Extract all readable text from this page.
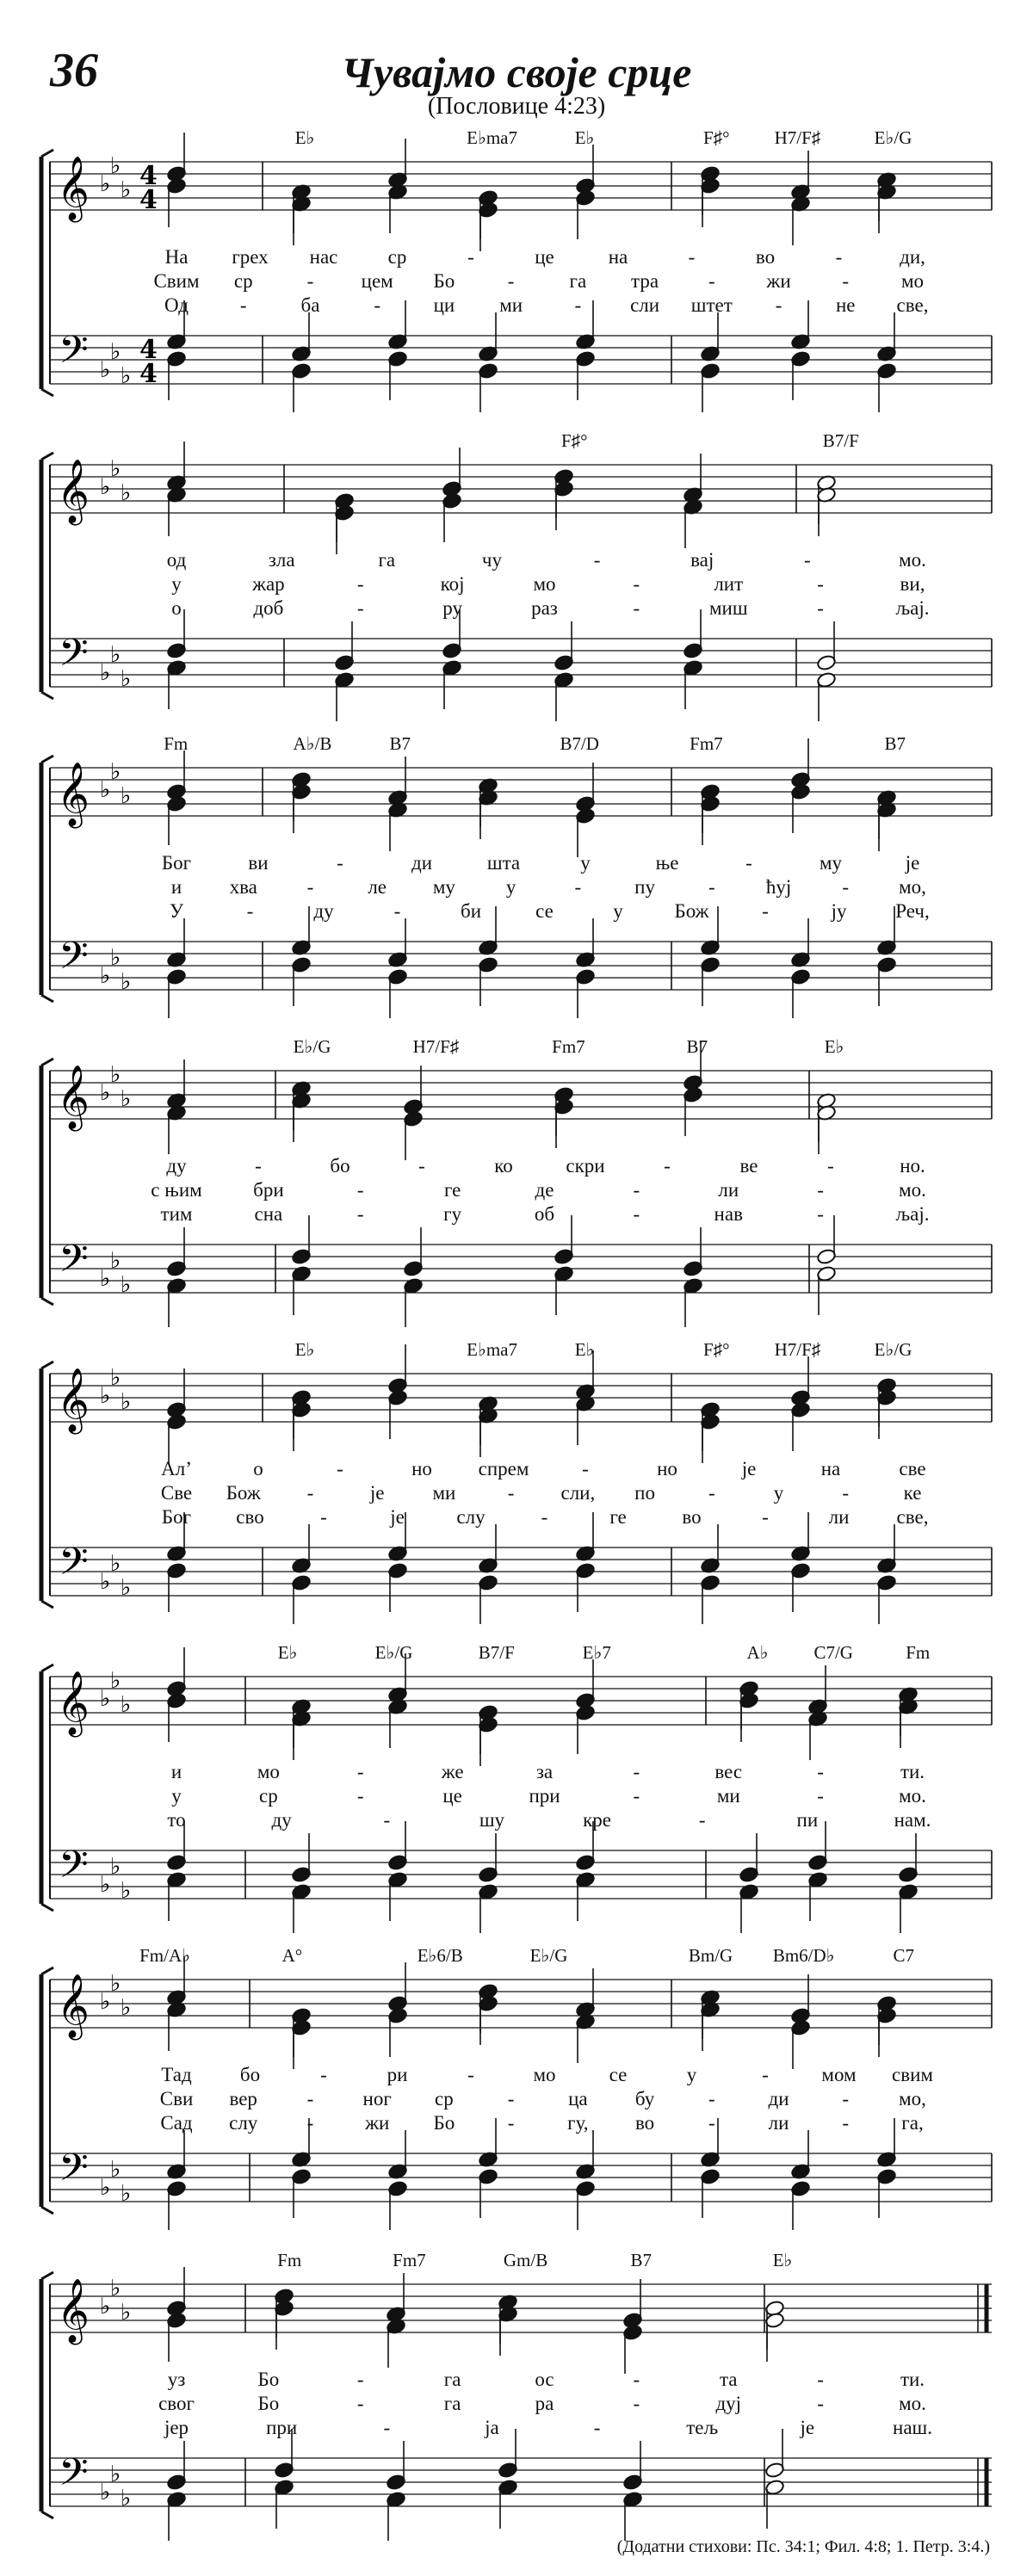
36	Чувајмо своје срце
(Пословице 4:23)
𝄞
𝄢
♭
♭
♭
♭
♭
♭
4
4
4
4
𝄞
𝄢
♭
♭
♭
♭
♭
♭
𝄞
𝄢
♭
♭
♭
♭
♭
♭
𝄞
𝄢
♭
♭
♭
♭
♭
♭
𝄞
𝄢
♭
♭
♭
♭
♭
♭
𝄞
𝄢
♭
♭
♭
♭
♭
♭
𝄞
𝄢
♭
♭
♭
♭
♭
♭
𝄞
𝄢
♭
♭
♭
♭
♭
♭
E♭	E♭ma7	E♭	F♯° H7/F♯	E♭/G
На грех нас	ср	-	це	на	-	во	-	ди,
Свим ср	- цем Бо	-	га тра	-	жи	-	мо
Од	-	ба	-	ци ми	- сли штет -	не све,
F♯°	B7/F
од	зла	га	чу	-	вај	-	мо.
у	жар	-	кој	мо	-	лит	-	ви,
о	доб	-	ру	раз	-	миш	-	љај.
Fm	A♭/B	B7	B7/D	Fm7	B7
Бог	ви	-	ди	шта	у	ње	-	му	је
и хва	-	ле му	у	-	пу	-	ћуј	-	мо,
У	-	ду	-	би	се	у	Бож	-	ју Реч,
E♭/G	H7/F♯	Fm7	B7	E♭
ду	-	бо	-	ко	скри	-	ве	-	но.
с њим	бри	-	ге	де	-	ли	-	мо.
тим	сна	-	гу	об	-	нав	-	љај.
E♭	E♭ma7	E♭	F♯° H7/F♯	E♭/G
Ал’	о	-	но спрем	-	но	је	на	све
Све Бож -	је ми	- сли, по	-	у	-	ке
Бог сво	-	је	слу	-	ге	во	-	ли све,
E♭	E♭/G	B7/F	E♭7	A♭	C7/G	Fm
и	мо	-	же	за	-	вес	-	ти.
у	ср	-	це	при	-	ми	-	мо.
то	ду	-	шу	кре	-	пи	нам.
Fm/A♭	A°	E♭6/B	E♭/G	Bm/G Bm6/D♭	C7
Тад бо	-	ри	-	мо	се	у	-	мом свим
Сви вер	- ног ср	-	ца бу	-	ди	-	мо,
Сад слу -	жи Бо	-	гу, во	-	ли	-	га,
Fm	Fm7	Gm/B	B7	E♭
уз	Бо	-	га	ос	-	та	-	ти.
свог	Бо	-	га	ра	-	дуј	-	мо.
јер	при	-	ја	-	тељ	је	наш.
(Додатни стихови: Пс. 34:1; Фил. 4:8; 1. Петр. 3:4.)
